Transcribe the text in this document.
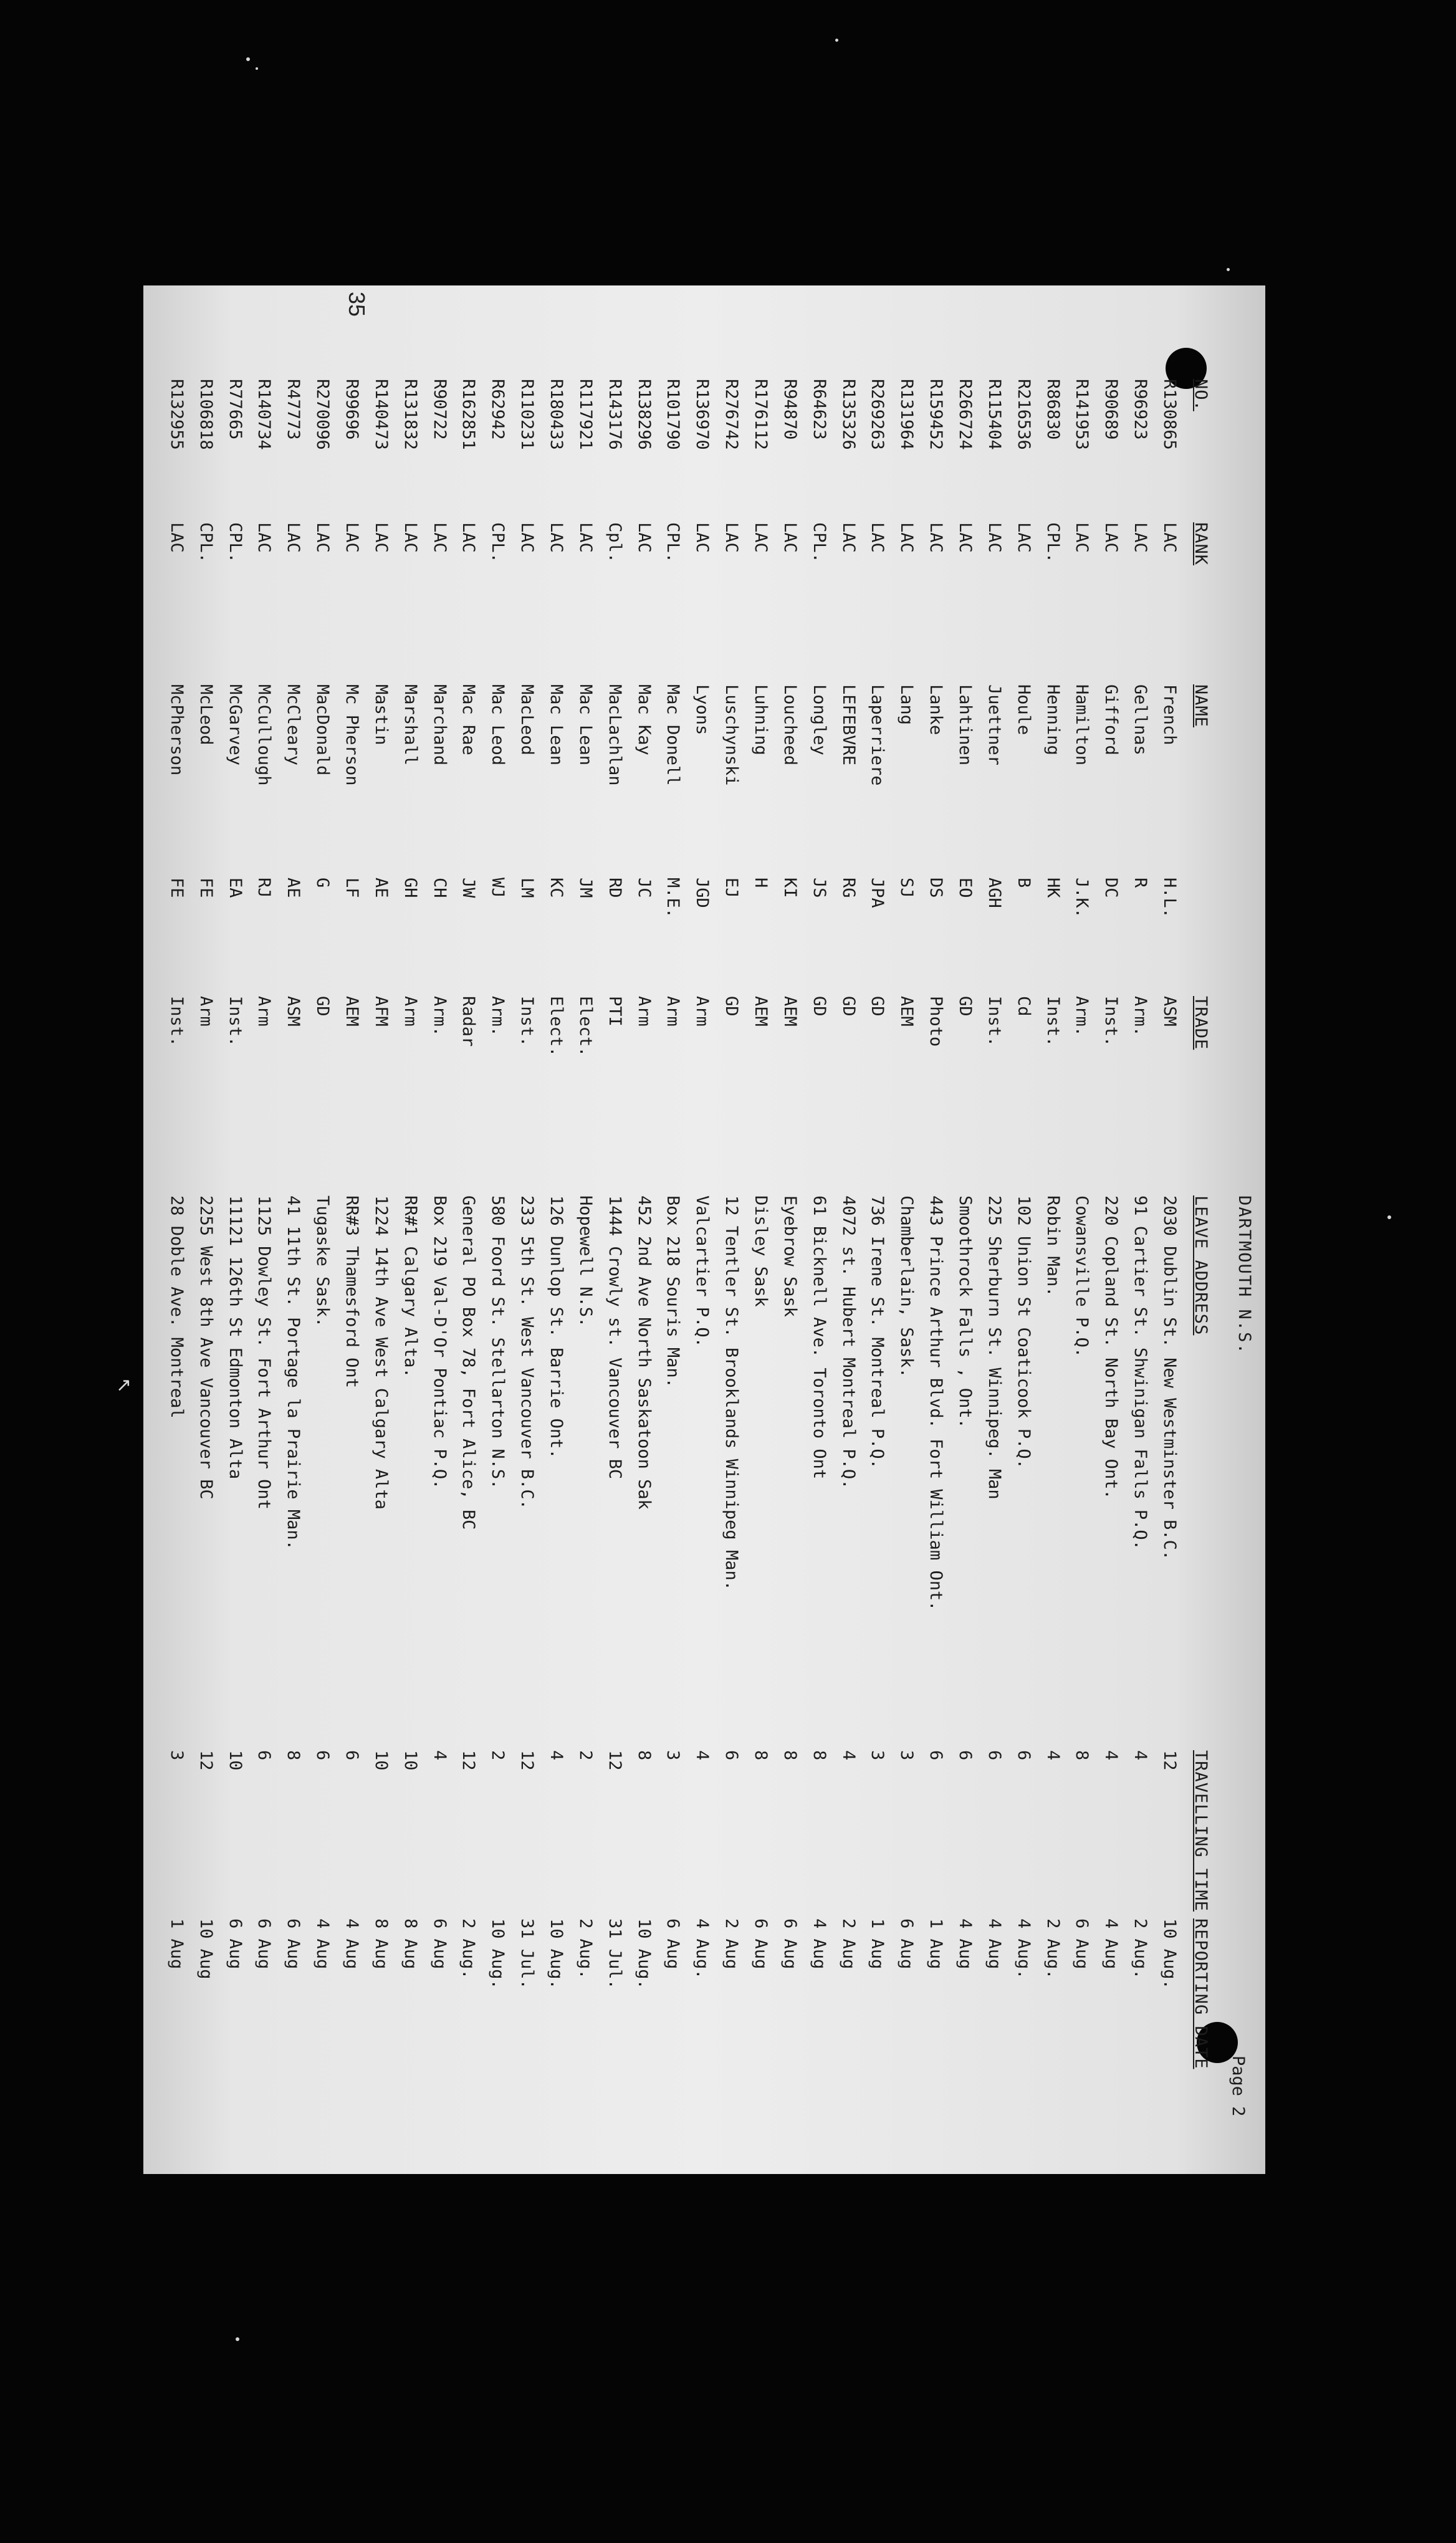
↗
35
DARTMOUTH N.S.
Page 2
NO.
RANK
NAME
TRADE
LEAVE ADDRESS
TRAVELLING TIME
REPORTING DATE
R130865
LAC
French
H.L.
ASM
2030 Dublin St. New Westminster B.C.
12
10 Aug.
R96923
LAC
Gellnas
R
Arm.
91 Cartier St. Shwinigan Falls P.Q.
4
2 Aug.
R90689
LAC
Gifford
DC
Inst.
220 Copland St. North Bay Ont.
4
4 Aug
R141953
LAC
Hamilton
J.K.
Arm.
Cowansville P.Q.
8
6 Aug
R86830
CPL.
Henning
HK
Inst.
Robin Man.
4
2 Aug.
R216536
LAC
Houle
B
Cd
102 Union St Coaticook P.Q.
6
4 Aug.
R115404
LAC
Juettner
AGH
Inst.
225 Sherburn St. Winnipeg. Man
6
4 Aug
R266724
LAC
Lahtinen
EO
GD
Smoothrock Falls , Ont.
6
4 Aug
R159452
LAC
Lanke
DS
Photo
443 Prince Arthur Blvd. Fort William Ont.
6
1 Aug
R131964
LAC
Lang
SJ
AEM
Chamberlain, Sask.
3
6 Aug
R269263
LAC
Laperriere
JPA
GD
736 Irene St. Montreal P.Q.
3
1 Aug
R135326
LAC
LEFEBVRE
RG
GD
4072 st. Hubert Montreal P.Q.
4
2 Aug
R64623
CPL.
Longley
JS
GD
61 Bicknell Ave. Toronto Ont
8
4 Aug
R94870
LAC
Loucheed
KI
AEM
Eyebrow Sask
8
6 Aug
R176112
LAC
Luhning
H
AEM
Disley Sask
8
6 Aug
R276742
LAC
Luschynski
EJ
GD
12 Tentler St. Brooklands Winnipeg Man.
6
2 Aug
R136970
LAC
Lyons
JGD
Arm
Valcartier P.Q.
4
4 Aug.
R101790
CPL.
Mac Donell
M.E.
Arm
Box 218 Souris Man.
3
6 Aug
R138296
LAC
Mac Kay
JC
Arm
452 2nd Ave North Saskatoon Sak
8
10 Aug.
R143176
Cpl.
MacLachlan
RD
PTI
1444 Crowly st. Vancouver BC
12
31 Jul.
R117921
LAC
Mac Lean
JM
Elect.
Hopewell N.S.
2
2 Aug.
R180433
LAC
Mac Lean
KC
Elect.
126 Dunlop St. Barrie Ont.
4
10 Aug.
R110231
LAC
MacLeod
LM
Inst.
233 5th St. West Vancouver B.C.
12
31 Jul.
R62942
CPL.
Mac Leod
WJ
Arm.
580 Foord St. Stellarton N.S.
2
10 Aug.
R162851
LAC
Mac Rae
JW
Radar
General PO Box 78, Fort Alice, BC
12
2 Aug.
R90722
LAC
Marchand
CH
Arm.
Box 219 Val-D'Or Pontiac P.Q.
4
6 Aug
R131832
LAC
Marshall
GH
Arm
RR#1 Calgary Alta.
10
8 Aug
R140473
LAC
Mastin
AE
AFM
1224 14th Ave West Calgary Alta
10
8 Aug
R99696
LAC
Mc Pherson
LF
AEM
RR#3 Thamesford Ont
6
4 Aug
R270096
LAC
MacDonald
G
GD
Tugaske Sask.
6
4 Aug
R47773
LAC
McCleary
AE
ASM
41 11th St. Portage la Prairie Man.
8
6 Aug
R140734
LAC
McCullough
RJ
Arm
1125 Dowley St. Fort Arthur Ont
6
6 Aug
R77665
CPL.
McGarvey
EA
Inst.
11121 126th St Edmonton Alta
10
6 Aug
R106818
CPL.
McLeod
FE
Arm
2255 West 8th Ave Vancouver BC
12
10 Aug
R132955
LAC
McPherson
FE
Inst.
28 Doble Ave. Montreal
3
1 Aug
